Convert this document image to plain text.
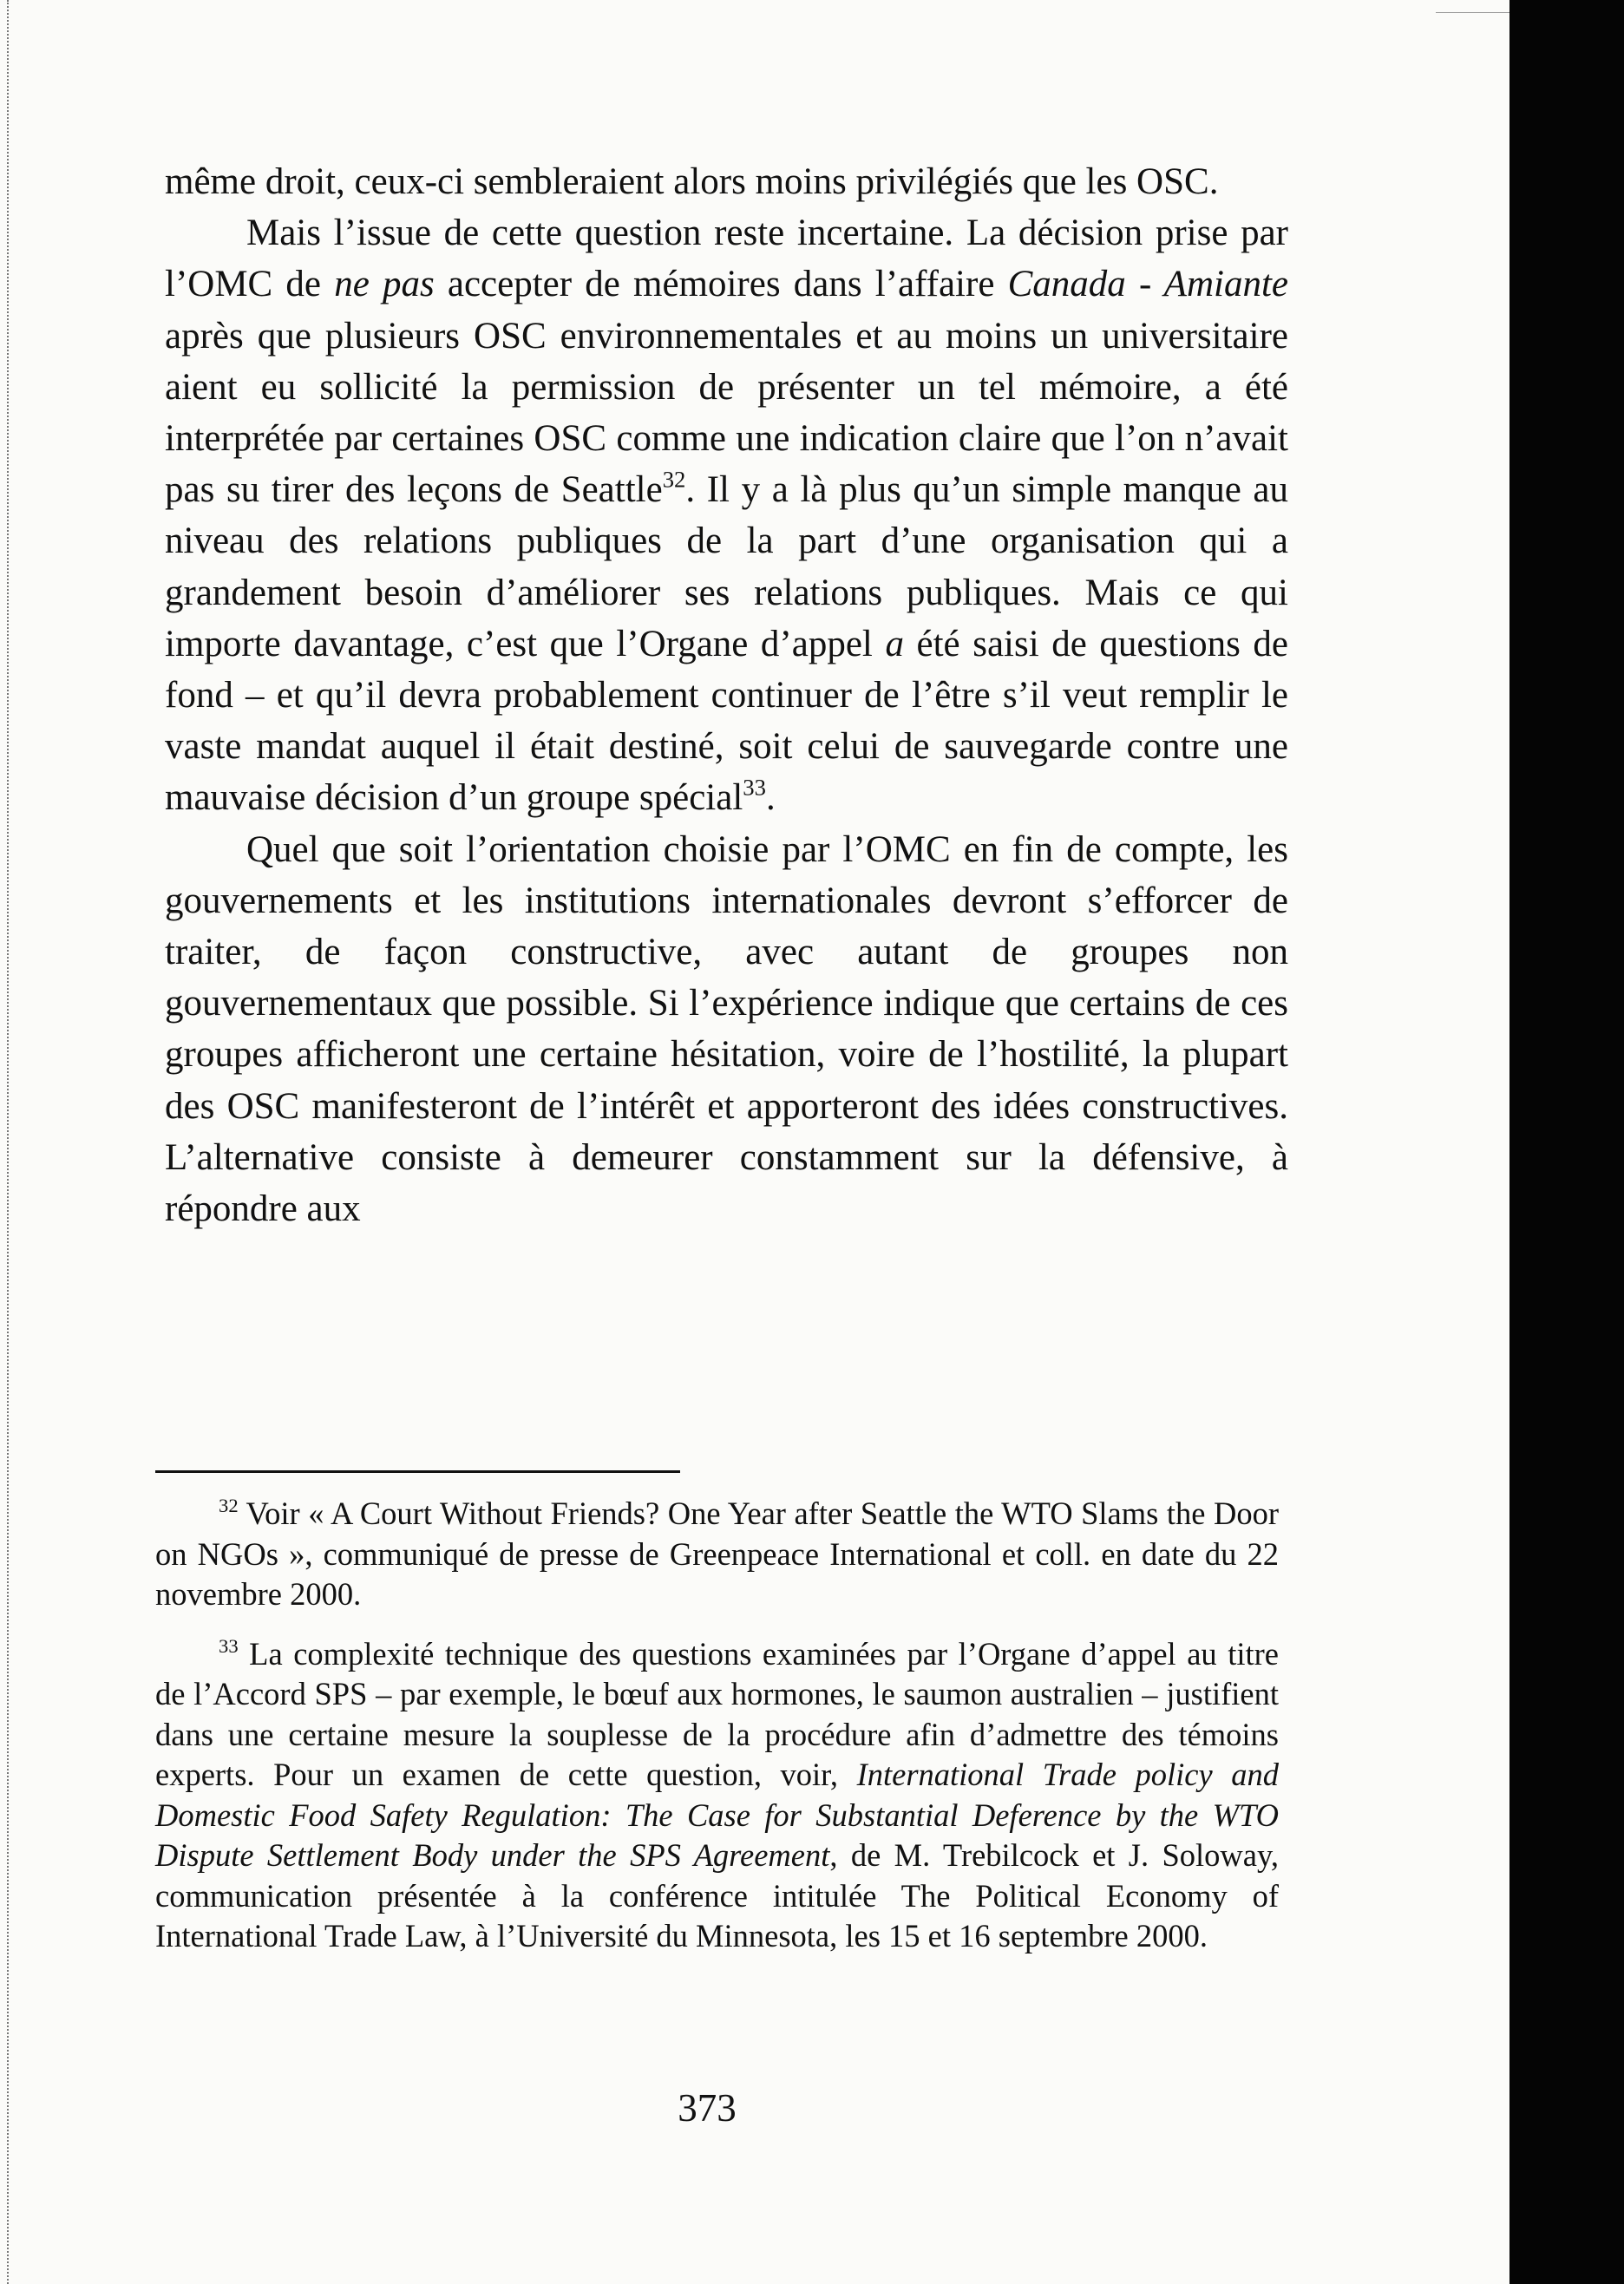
même droit, ceux-ci sembleraient alors moins privilégiés que les OSC.

Mais l’issue de cette question reste incertaine. La décision prise par l’OMC de ne pas accepter de mémoires dans l’affaire Canada - Amiante après que plusieurs OSC environnementales et au moins un universitaire aient eu sollicité la permission de présenter un tel mémoire, a été interprétée par certaines OSC comme une indication claire que l’on n’avait pas su tirer des leçons de Seattle$^{32}$. Il y a là plus qu’un simple manque au niveau des relations publiques de la part d’une organisation qui a grandement besoin d’améliorer ses relations publiques. Mais ce qui importe davantage, c’est que l’Organe d’appel a été saisi de questions de fond – et qu’il devra probablement continuer de l’être s’il veut remplir le vaste mandat auquel il était destiné, soit celui de sauvegarde contre une mauvaise décision d’un groupe spécial$^{33}$.

Quel que soit l’orientation choisie par l’OMC en fin de compte, les gouvernements et les institutions internationales devront s’efforcer de traiter, de façon constructive, avec autant de groupes non gouvernementaux que possible. Si l’expérience indique que certains de ces groupes afficheront une certaine hésitation, voire de l’hostilité, la plupart des OSC manifesteront de l’intérêt et apporteront des idées constructives. L’alternative consiste à demeurer constamment sur la défensive, à répondre aux

$^{32}$ Voir « A Court Without Friends? One Year after Seattle the WTO Slams the Door on NGOs », communiqué de presse de Greenpeace International et coll. en date du 22 novembre 2000.

$^{33}$ La complexité technique des questions examinées par l’Organe d’appel au titre de l’Accord SPS – par exemple, le bœuf aux hormones, le saumon australien – justifient dans une certaine mesure la souplesse de la procédure afin d’admettre des témoins experts. Pour un examen de cette question, voir, International Trade policy and Domestic Food Safety Regulation: The Case for Substantial Deference by the WTO Dispute Settlement Body under the SPS Agreement, de M. Trebilcock et J. Soloway, communication présentée à la conférence intitulée The Political Economy of International Trade Law, à l’Université du Minnesota, les 15 et 16 septembre 2000.

373
